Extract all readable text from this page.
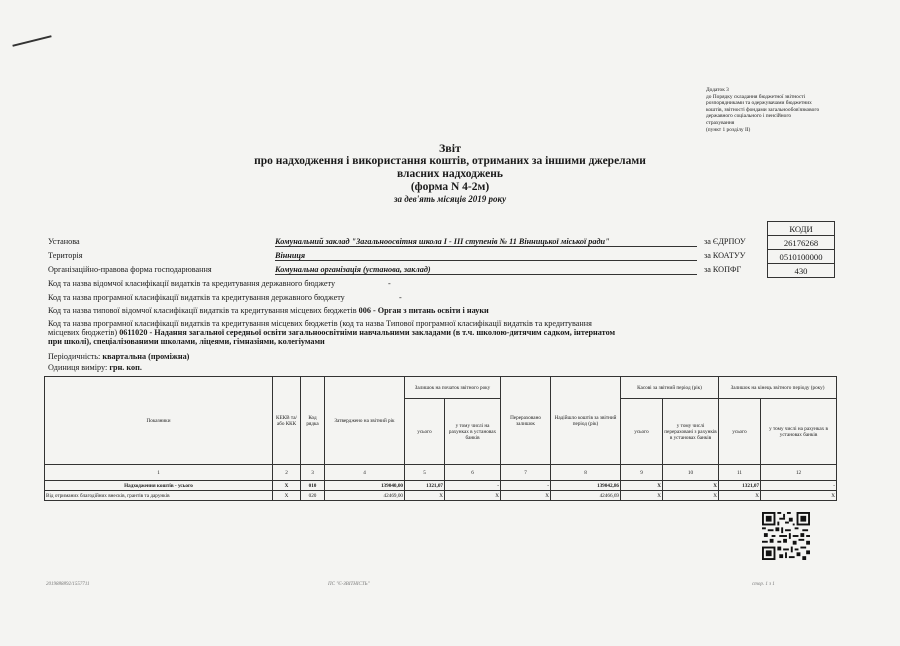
Додаток 3
до Порядку складання бюджетної звітності
розпорядниками та одержувачами бюджетних
коштів, звітності фондами загальнообов'язкового
державного соціального і пенсійного
страхування
(пункт 1 розділу II)
Звіт
про надходження і використання коштів, отриманих за іншими джерелами
власних надходжень
(форма N 4-2м)
за дев'ять місяців 2019 року
КОДИ
26176268
0510100000
430
за ЄДРПОУ
за КОАТУУ
за КОПФГ
Установа	Комунальний заклад "Загальноосвітня школа І - ІІІ ступенів № 11 Вінницької міської ради"
Територія	Вінниця
Організаційно-правова форма господарювання	Комунальна організація (установа, заклад)
Код та назва відомчої класифікації видатків та кредитування державного бюджету	-
Код та назва програмної класифікації видатків та кредитування державного бюджету	-
Код та назва типової відомчої класифікації видатків та кредитування місцевих бюджетів 006 - Орган з питань освіти і науки
Код та назва програмної класифікації видатків та кредитування місцевих бюджетів (код та назва Типової програмної класифікації видатків та кредитування
місцевих бюджетів) 0611020 - Надання загальної середньої освіти загальноосвітніми навчальними закладами (в т.ч. школою-дитячим садком, інтернатом
при школі), спеціалізованими школами, ліцеями, гімназіями, колегіумами
Періодичність: квартальна (проміжна)
Одиниця виміру: грн. коп.
Показники	КЕКВ та/або ККК	Код рядка	Затверджено на звітний рік	Залишок на початок звітного року		Перераховано залишок	Надійшло коштів за звітний період (рік)	Касові за звітний період (рік)		Залишок на кінець звітного періоду (року)	
				усього	у тому числі на рахунках в установах банків			усього	у тому числі перераховані з рахунків в установах банків	усього	у тому числі на рахунках в установах банків
1	2	3	4	5	6	7	8	9	10	11	12
Надходження коштів - усього	Х	010	139040,00	1321,07	-	-	139042,86	Х	Х	1321,07	-
Від отриманих благодійних внесків, грантів та дарунків	Х	020	42469,00	Х	Х	Х	42466,69	Х	Х	Х	Х
2019888892/1557711	ПС "Є-ЗВІТНІСТЬ"	стор. 1 з 1
